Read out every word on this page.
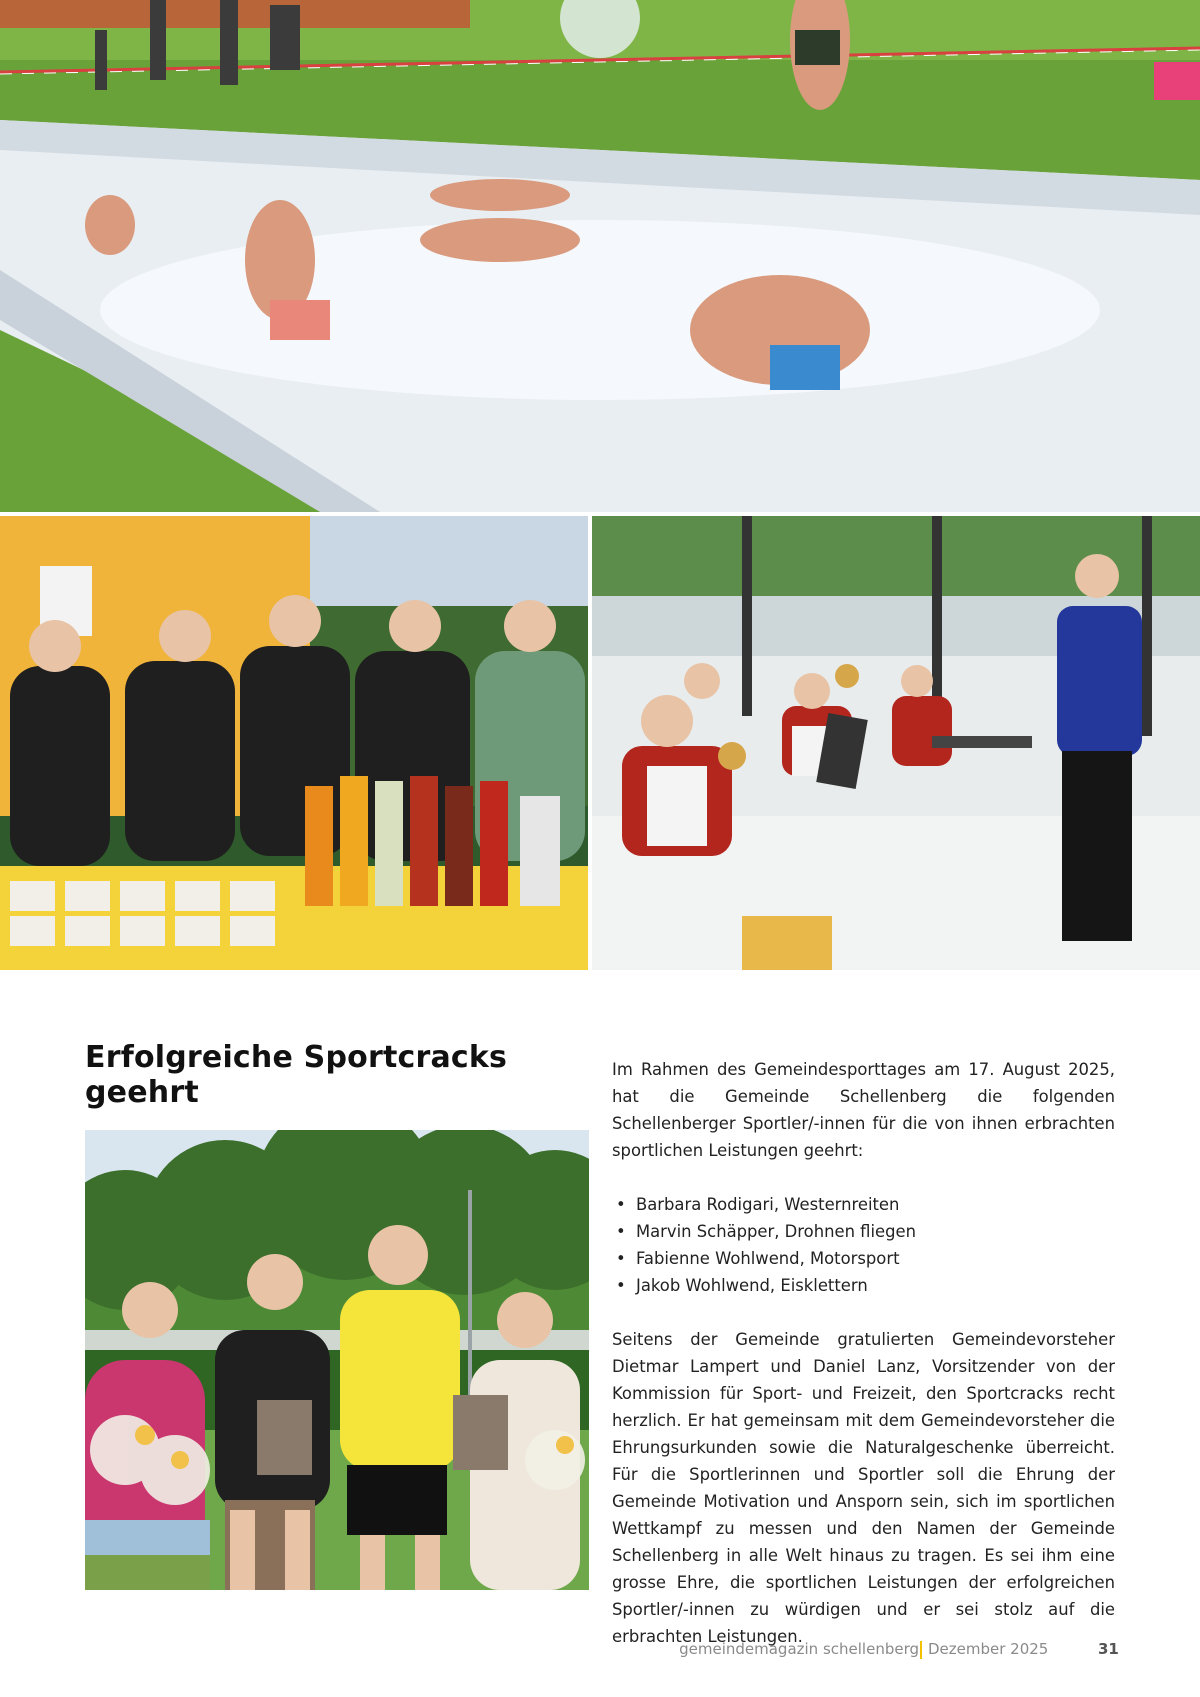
Erfolgreiche Sportcracks geehrt

Im Rahmen des Gemeindesporttages am 17. August 2025, hat die Gemeinde Schellenberg die folgenden Schellenberger Sportler/-innen für die von ihnen erbrachten sportlichen Leistungen geehrt:

• Barbara Rodigari, Westernreiten
• Marvin Schäpper, Drohnen fliegen
• Fabienne Wohlwend, Motorsport
• Jakob Wohlwend, Eisklettern

Seitens der Gemeinde gratulierten Gemeindevorsteher Dietmar Lampert und Daniel Lanz, Vorsitzender von der Kommission für Sport- und Freizeit, den Sportcracks recht herzlich. Er hat gemeinsam mit dem Gemeindevorsteher die Ehrungsurkunden sowie die Naturalgeschenke überreicht. Für die Sportlerinnen und Sportler soll die Ehrung der Gemeinde Motivation und Ansporn sein, sich im sportlichen Wettkampf zu messen und den Namen der Gemeinde Schellenberg in alle Welt hinaus zu tragen. Es sei ihm eine grosse Ehre, die sportlichen Leistungen der erfolgreichen Sportler/-innen zu würdigen und er sei stolz auf die erbrachten Leistungen.

gemeindemagazin schellenberg Dezember 2025	31
